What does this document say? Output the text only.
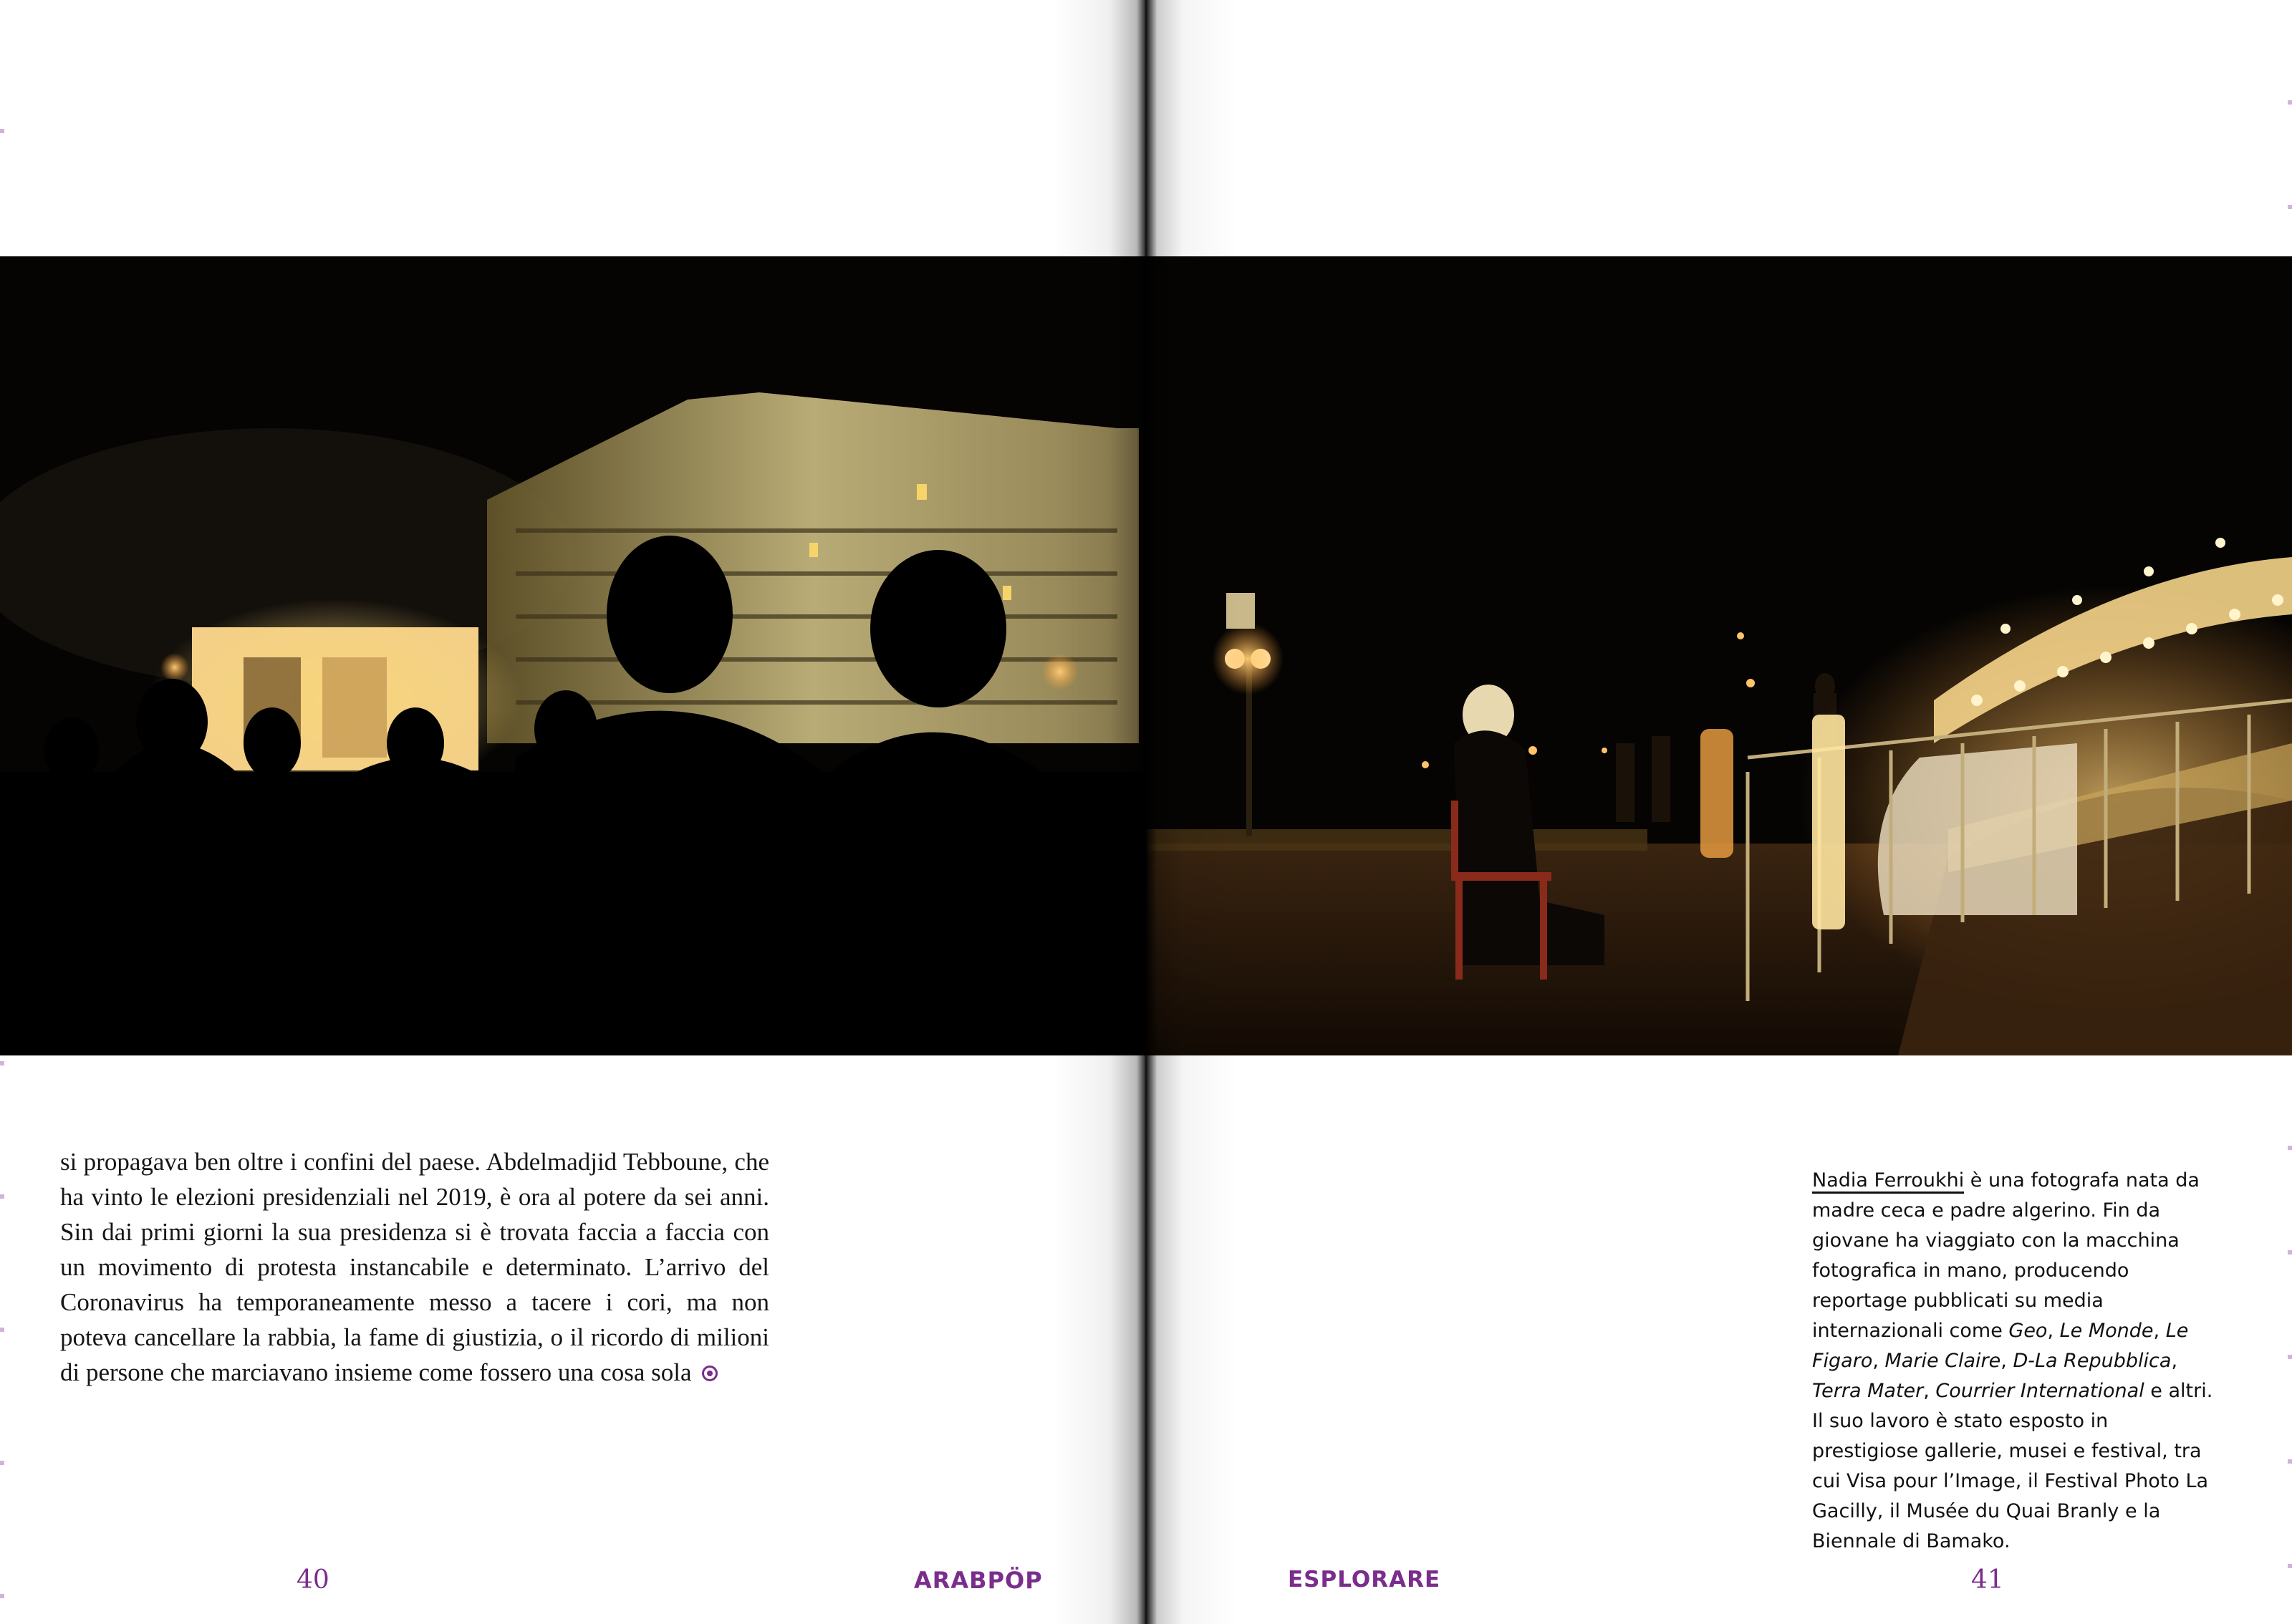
si propagava ben oltre i confini del paese. Abdelmadjid Tebboune, che ha vinto le elezioni presidenziali nel 2019, è ora al potere da sei anni. Sin dai primi giorni la sua presidenza si è trovata faccia a faccia con un movimento di protesta instancabile e determinato. L’arrivo del Coronavirus ha temporaneamente messo a tacere i cori, ma non poteva cancellare la rabbia, la fame di giustizia, o il ricordo di milioni di persone che marciavano insieme come fossero una cosa sola

40	ARABPÖP	ESPLORARE	41

Nadia Ferroukhi è una fotografa nata da madre ceca e padre algerino. Fin da giovane ha viaggiato con la macchina fotografica in mano, producendo reportage pubblicati su media internazionali come Geo, Le Monde, Le Figaro, Marie Claire, D-La Repubblica, Terra Mater, Courrier International e altri.
Il suo lavoro è stato esposto in prestigiose gallerie, musei e festival, tra cui Visa pour l’Image, il Festival Photo La Gacilly, il Musée du Quai Branly e la Biennale di Bamako.
